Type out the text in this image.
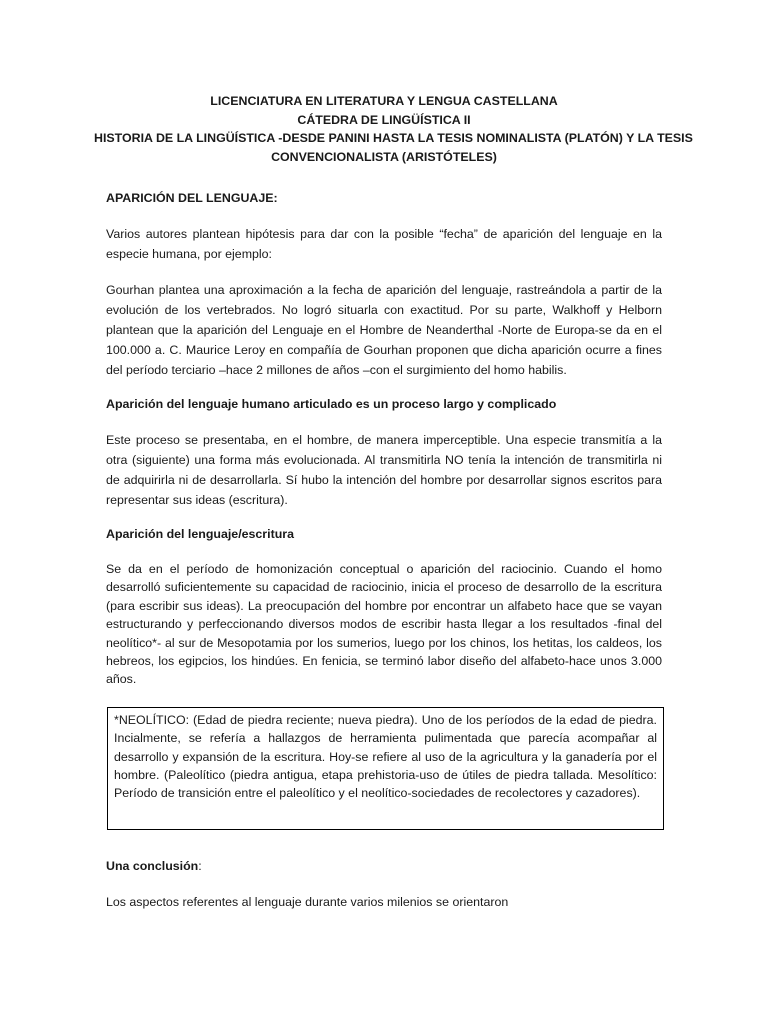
LICENCIATURA EN LITERATURA Y LENGUA CASTELLANA
CÁTEDRA DE LINGÜÍSTICA II
HISTORIA DE LA LINGÜÍSTICA -DESDE PANINI HASTA LA TESIS NOMINALISTA (PLATÓN) Y LA TESIS
CONVENCIONALISTA (ARISTÓTELES)
APARICIÓN DEL LENGUAJE:

Varios autores plantean hipótesis para dar con la posible “fecha” de aparición del lenguaje en la especie humana, por ejemplo:

Gourhan plantea una aproximación a la fecha de aparición del lenguaje, rastreándola a partir de la evolución de los vertebrados. No logró situarla con exactitud. Por su parte, Walkhoff y Helborn plantean que la aparición del Lenguaje en el Hombre de Neanderthal -Norte de Europa-se da en el 100.000 a. C. Maurice Leroy en compañía de Gourhan proponen que dicha aparición ocurre a fines del período terciario –hace 2 millones de años –con el surgimiento del homo habilis.

Aparición del lenguaje humano articulado es un proceso largo y complicado

Este proceso se presentaba, en el hombre, de manera imperceptible. Una especie transmitía a la otra (siguiente) una forma más evolucionada. Al transmitirla NO tenía la intención de transmitirla ni de adquirirla ni de desarrollarla. Sí hubo la intención del hombre por desarrollar signos escritos para representar sus ideas (escritura).

Aparición del lenguaje/escritura

Se da en el período de homonización conceptual o aparición del raciocinio. Cuando el homo desarrolló suficientemente su capacidad de raciocinio, inicia el proceso de desarrollo de la escritura (para escribir sus ideas). La preocupación del hombre por encontrar un alfabeto hace que se vayan estructurando y perfeccionando diversos modos de escribir hasta llegar a los resultados -final del neolítico*- al sur de Mesopotamia por los sumerios, luego por los chinos, los hetitas, los caldeos, los hebreos, los egipcios, los hindúes. En fenicia, se terminó labor diseño del alfabeto-hace unos 3.000 años.

*NEOLÍTICO: (Edad de piedra reciente; nueva piedra). Uno de los períodos de la edad de piedra. Incialmente, se refería a hallazgos de herramienta pulimentada que parecía acompañar al desarrollo y expansión de la escritura. Hoy-se refiere al uso de la agricultura y la ganadería por el hombre. (Paleolítico (piedra antigua, etapa prehistoria-uso de útiles de piedra tallada. Mesolítico: Período de transición entre el paleolítico y el neolítico-sociedades de recolectores y cazadores).
Una conclusión:
Los aspectos referentes al lenguaje durante varios milenios se orientaron
